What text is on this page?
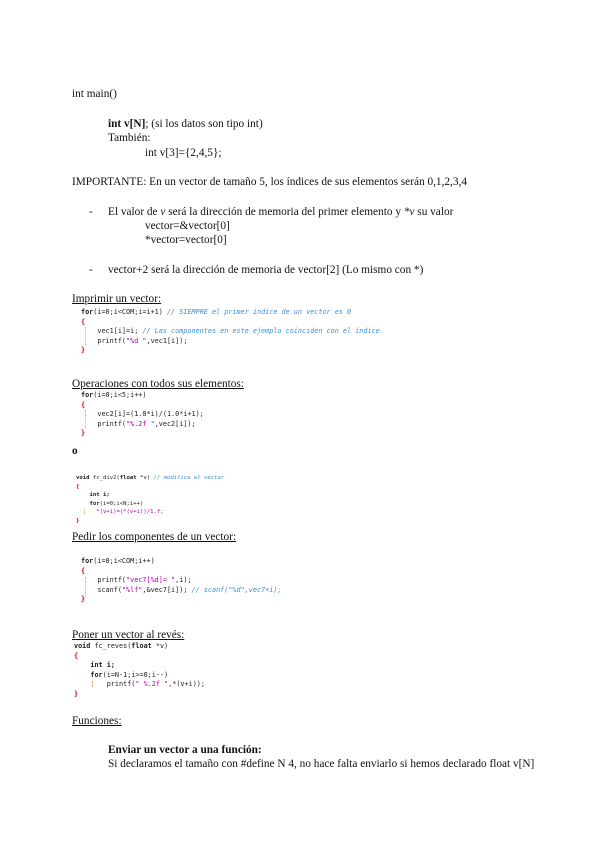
int main()
int v[N]; (si los datos son tipo int)
También:
int v[3]={2,4,5};
IMPORTANTE: En un vector de tamaño 5, los índices de sus elementos serán 0,1,2,3,4
- El valor de v será la dirección de memoria del primer elemento y *v su valor
vector=&vector[0]
*vector=vector[0]
- vector+2 será la dirección de memoria de vector[2] (Lo mismo con *)
Imprimir un vector:
for(i=0;i<COM;i=i+1) // SIEMPRE el primer índice de un vector es 0
{
vec1[i]=i; // Las componentes en este ejemplo coinciden con el índice
printf("%d ",vec1[i]);
}
Operaciones con todos sus elementos:
for(i=0;i<5;i++)
{
vec2[i]=(1.0*i)/(1.0*i+1);
printf("%.2f ",vec2[i]);
}
o
void fc_div2(float *v) // modifica el vector
{
int i;
for(i=0;i<N;i++)
¦ *(v+i)=(*(v+i))/1.f;
}
Pedir los componentes de un vector:
for(i=0;i<COM;i++)
{
printf("vec7[%d]= ",i);
scanf("%lf",&vec7[i]); // scanf("%d",vec7+i);
}
Poner un vector al revés:
void fc_reves(float *v)
{
int i;
for(i=N-1;i>=0;i--)
¦ printf(" %.2f ",*(v+i));
}
Funciones:
Enviar un vector a una función:
Si declaramos el tamaño con #define N 4, no hace falta enviarlo si hemos declarado float v[N]
